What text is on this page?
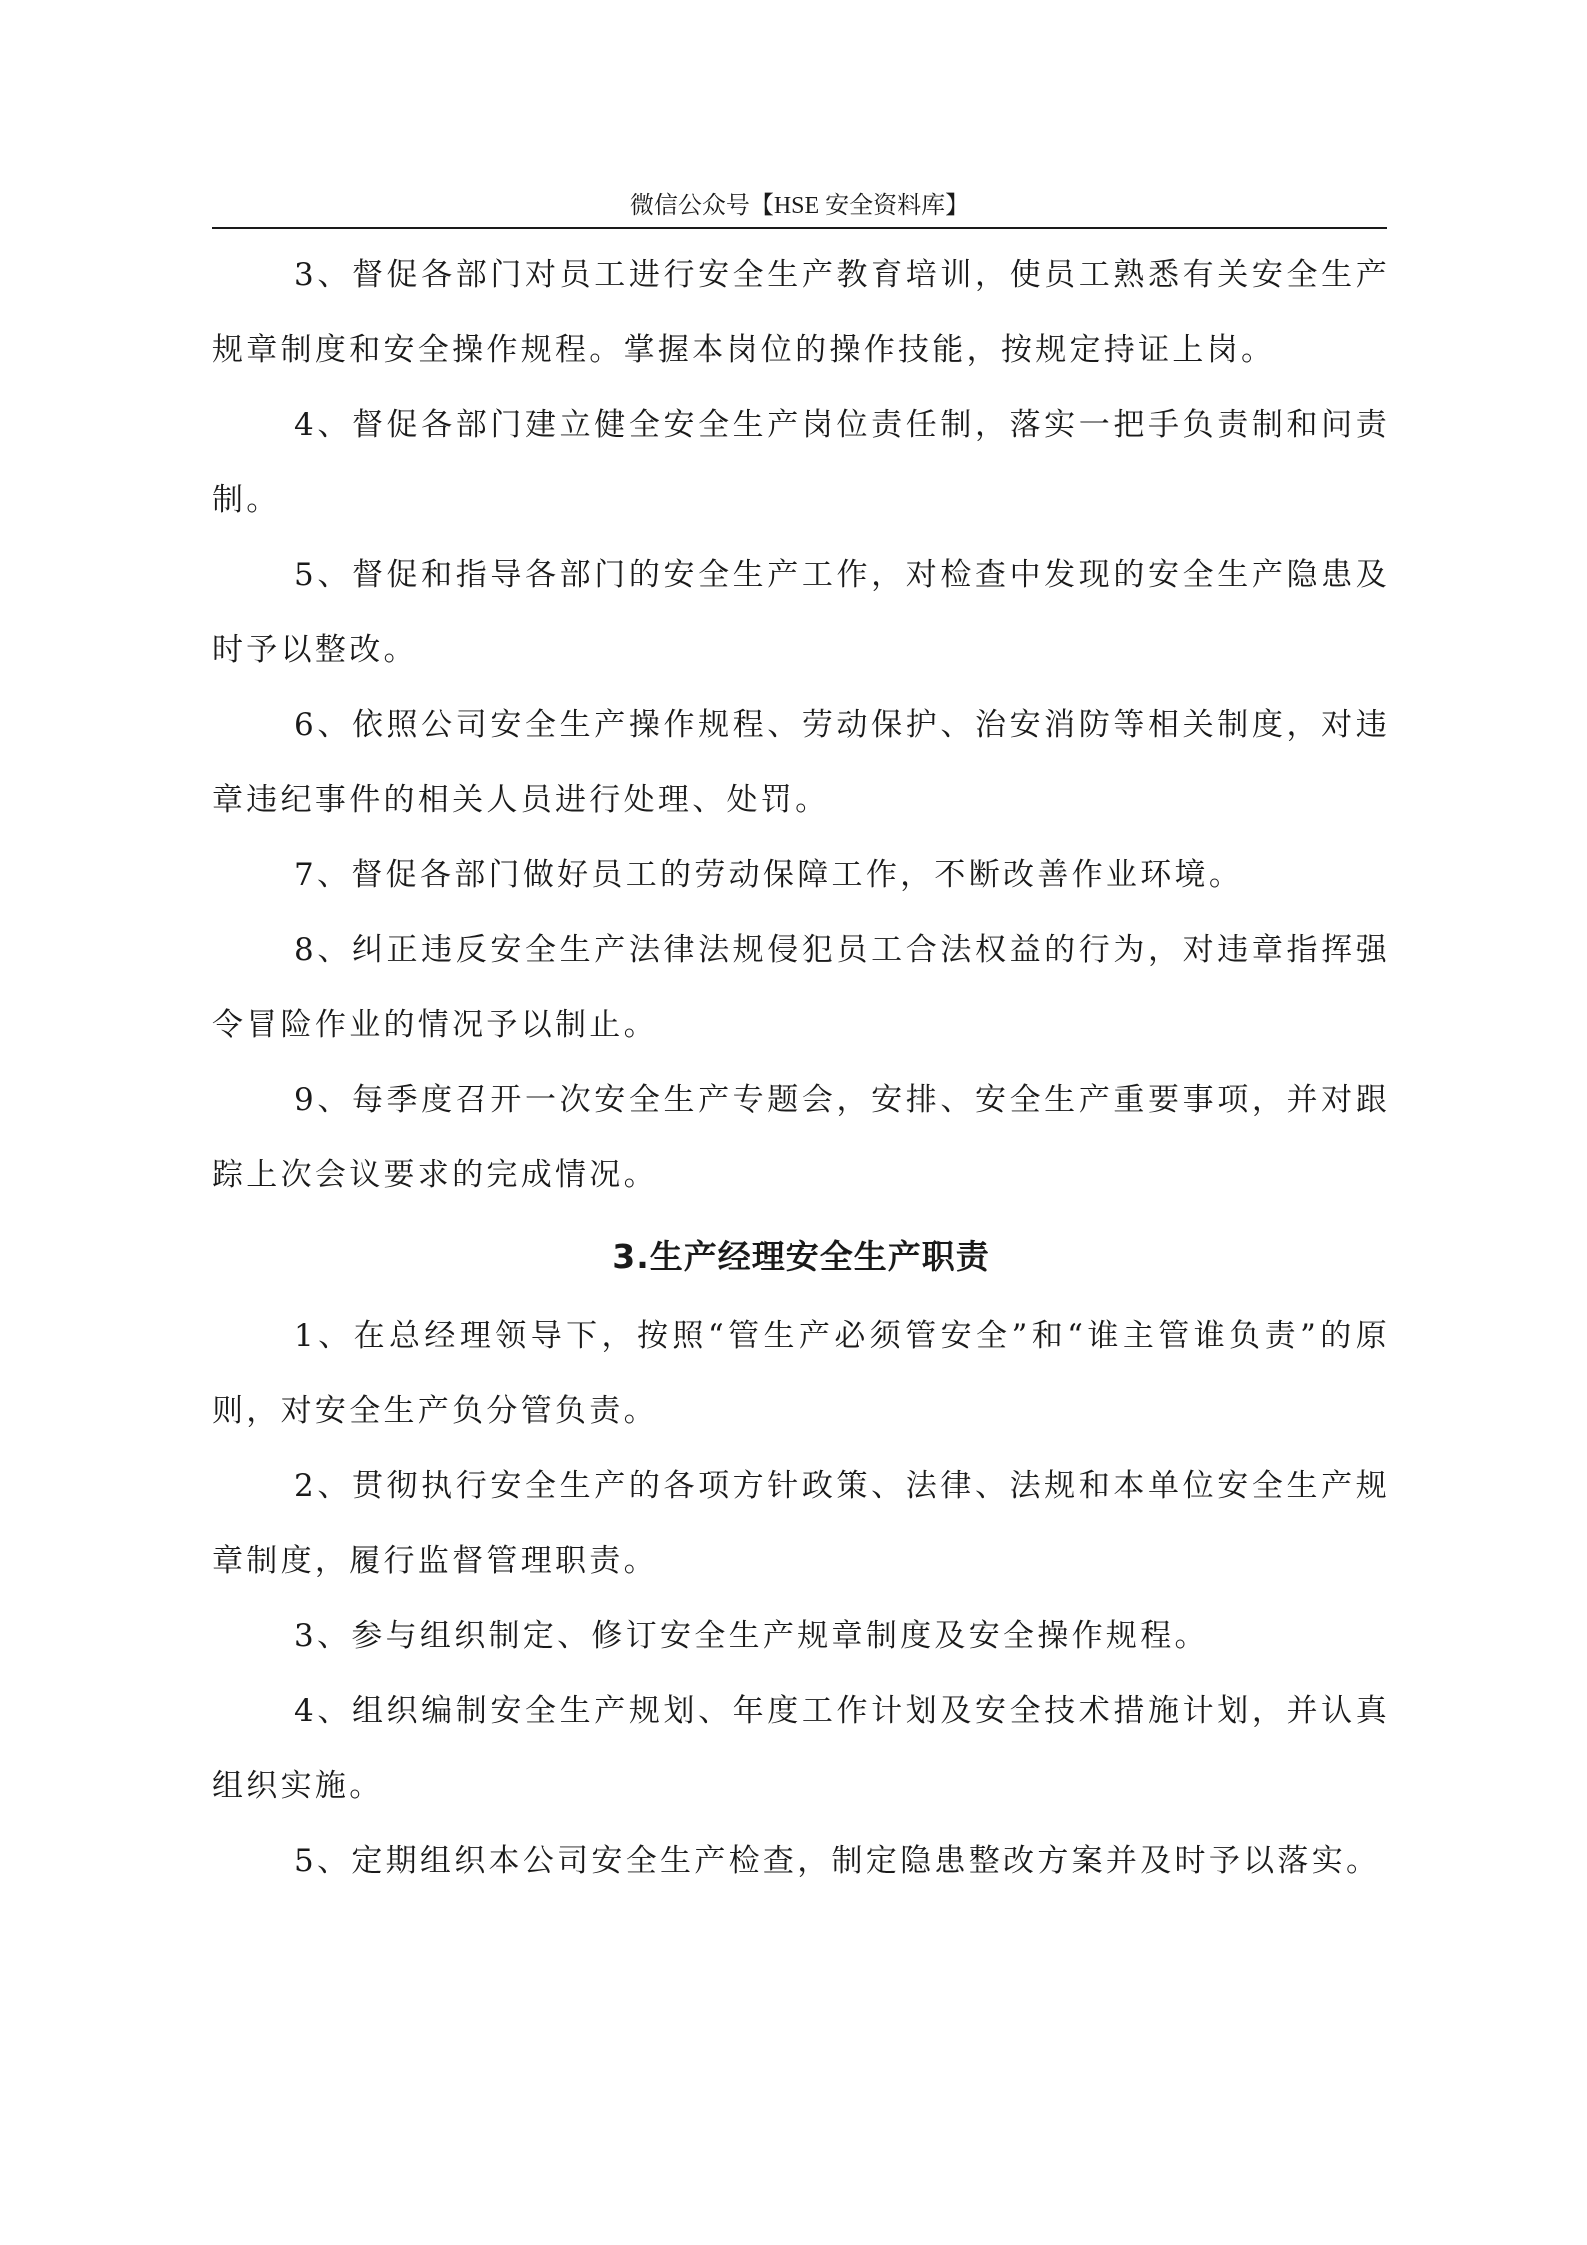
微信公众号【HSE 安全资料库】

3、督促各部门对员工进行安全生产教育培训，使员工熟悉有关安全生产规章制度和安全操作规程。掌握本岗位的操作技能，按规定持证上岗。

4、督促各部门建立健全安全生产岗位责任制，落实一把手负责制和问责制。

5、督促和指导各部门的安全生产工作，对检查中发现的安全生产隐患及时予以整改。

6、依照公司安全生产操作规程、劳动保护、治安消防等相关制度，对违章违纪事件的相关人员进行处理、处罚。

7、督促各部门做好员工的劳动保障工作，不断改善作业环境。

8、纠正违反安全生产法律法规侵犯员工合法权益的行为，对违章指挥强令冒险作业的情况予以制止。

9、每季度召开一次安全生产专题会，安排、安全生产重要事项，并对跟踪上次会议要求的完成情况。

3.生产经理安全生产职责

1、在总经理领导下，按照“管生产必须管安全”和“谁主管谁负责”的原则，对安全生产负分管负责。

2、贯彻执行安全生产的各项方针政策、法律、法规和本单位安全生产规章制度，履行监督管理职责。

3、参与组织制定、修订安全生产规章制度及安全操作规程。

4、组织编制安全生产规划、年度工作计划及安全技术措施计划，并认真组织实施。

5、定期组织本公司安全生产检查，制定隐患整改方案并及时予以落实。
